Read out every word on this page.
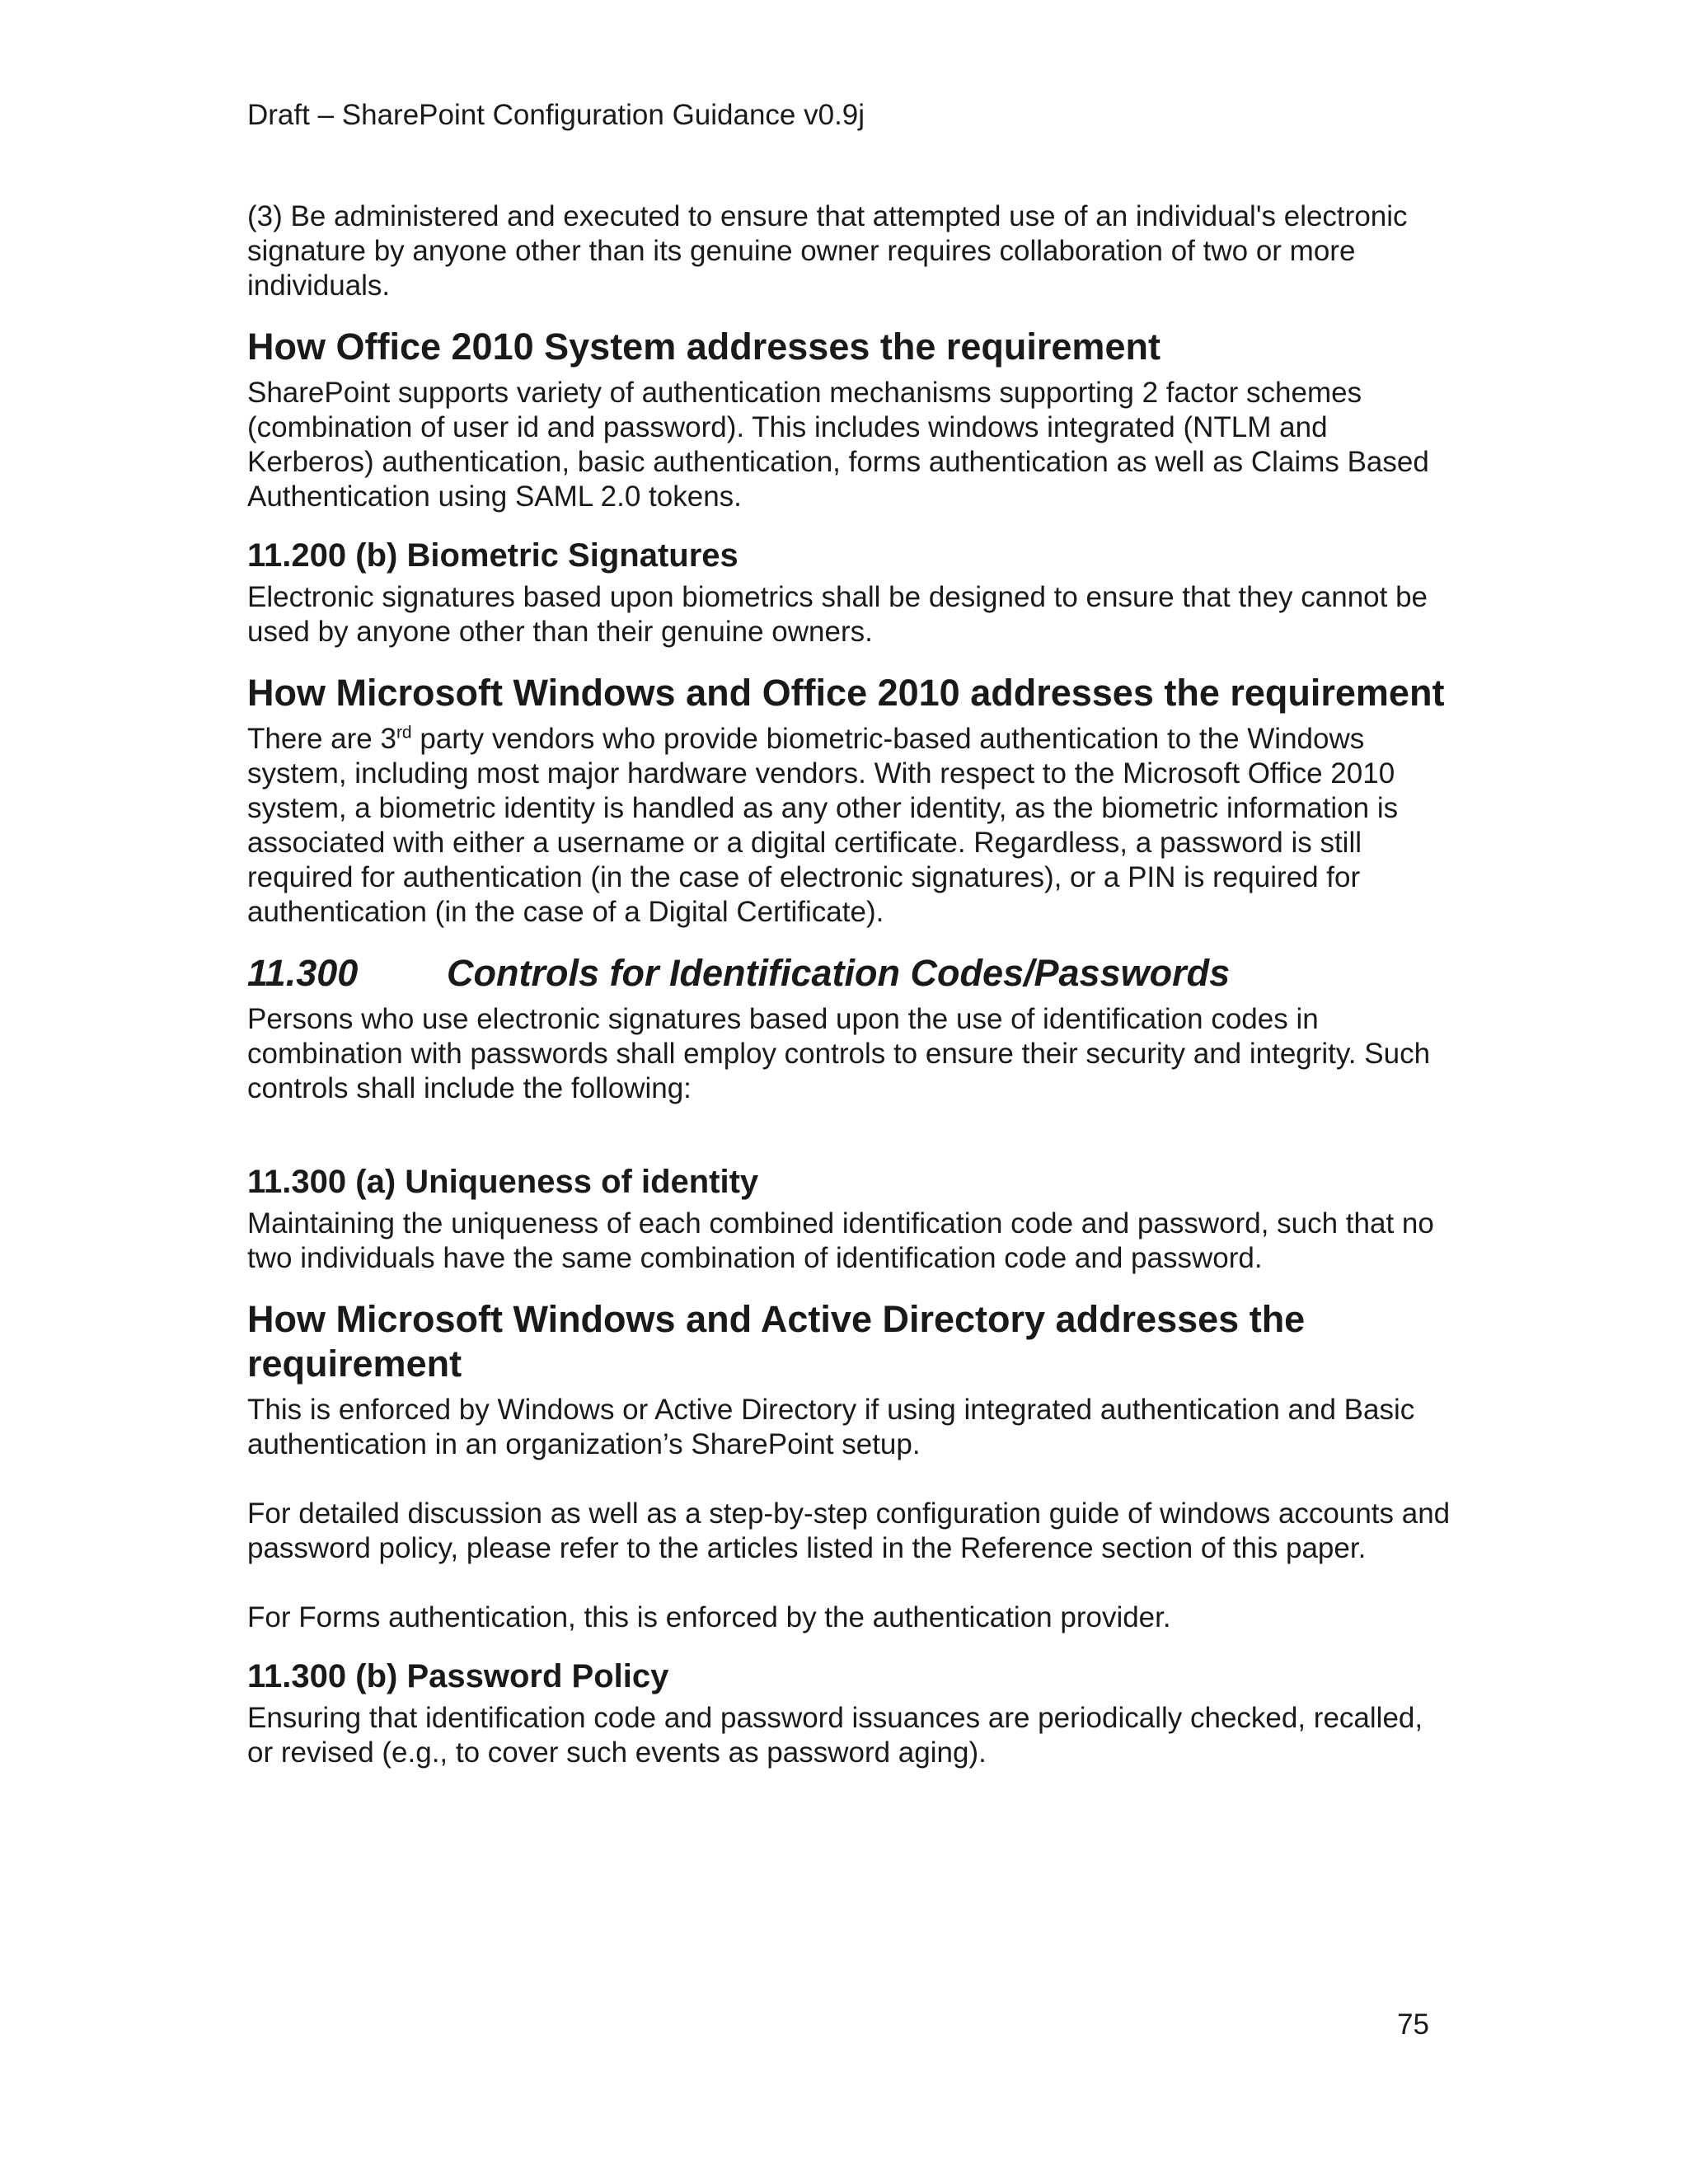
Draft – SharePoint Configuration Guidance v0.9j

(3) Be administered and executed to ensure that attempted use of an individual's electronic signature by anyone other than its genuine owner requires collaboration of two or more individuals.

How Office 2010 System addresses the requirement

SharePoint supports variety of authentication mechanisms supporting 2 factor schemes (combination of user id and password). This includes windows integrated (NTLM and Kerberos) authentication, basic authentication, forms authentication as well as Claims Based Authentication using SAML 2.0 tokens.

11.200 (b) Biometric Signatures

Electronic signatures based upon biometrics shall be designed to ensure that they cannot be used by anyone other than their genuine owners.

How Microsoft Windows and Office 2010 addresses the requirement

There are 3rd party vendors who provide biometric-based authentication to the Windows system, including most major hardware vendors. With respect to the Microsoft Office 2010 system, a biometric identity is handled as any other identity, as the biometric information is associated with either a username or a digital certificate. Regardless, a password is still required for authentication (in the case of electronic signatures), or a PIN is required for authentication (in the case of a Digital Certificate).

11.300 Controls for Identification Codes/Passwords

Persons who use electronic signatures based upon the use of identification codes in combination with passwords shall employ controls to ensure their security and integrity. Such controls shall include the following:

11.300 (a) Uniqueness of identity

Maintaining the uniqueness of each combined identification code and password, such that no two individuals have the same combination of identification code and password.

How Microsoft Windows and Active Directory addresses the requirement

This is enforced by Windows or Active Directory if using integrated authentication and Basic authentication in an organization’s SharePoint setup.

For detailed discussion as well as a step-by-step configuration guide of windows accounts and password policy, please refer to the articles listed in the Reference section of this paper.

For Forms authentication, this is enforced by the authentication provider.

11.300 (b) Password Policy

Ensuring that identification code and password issuances are periodically checked, recalled, or revised (e.g., to cover such events as password aging).

75
